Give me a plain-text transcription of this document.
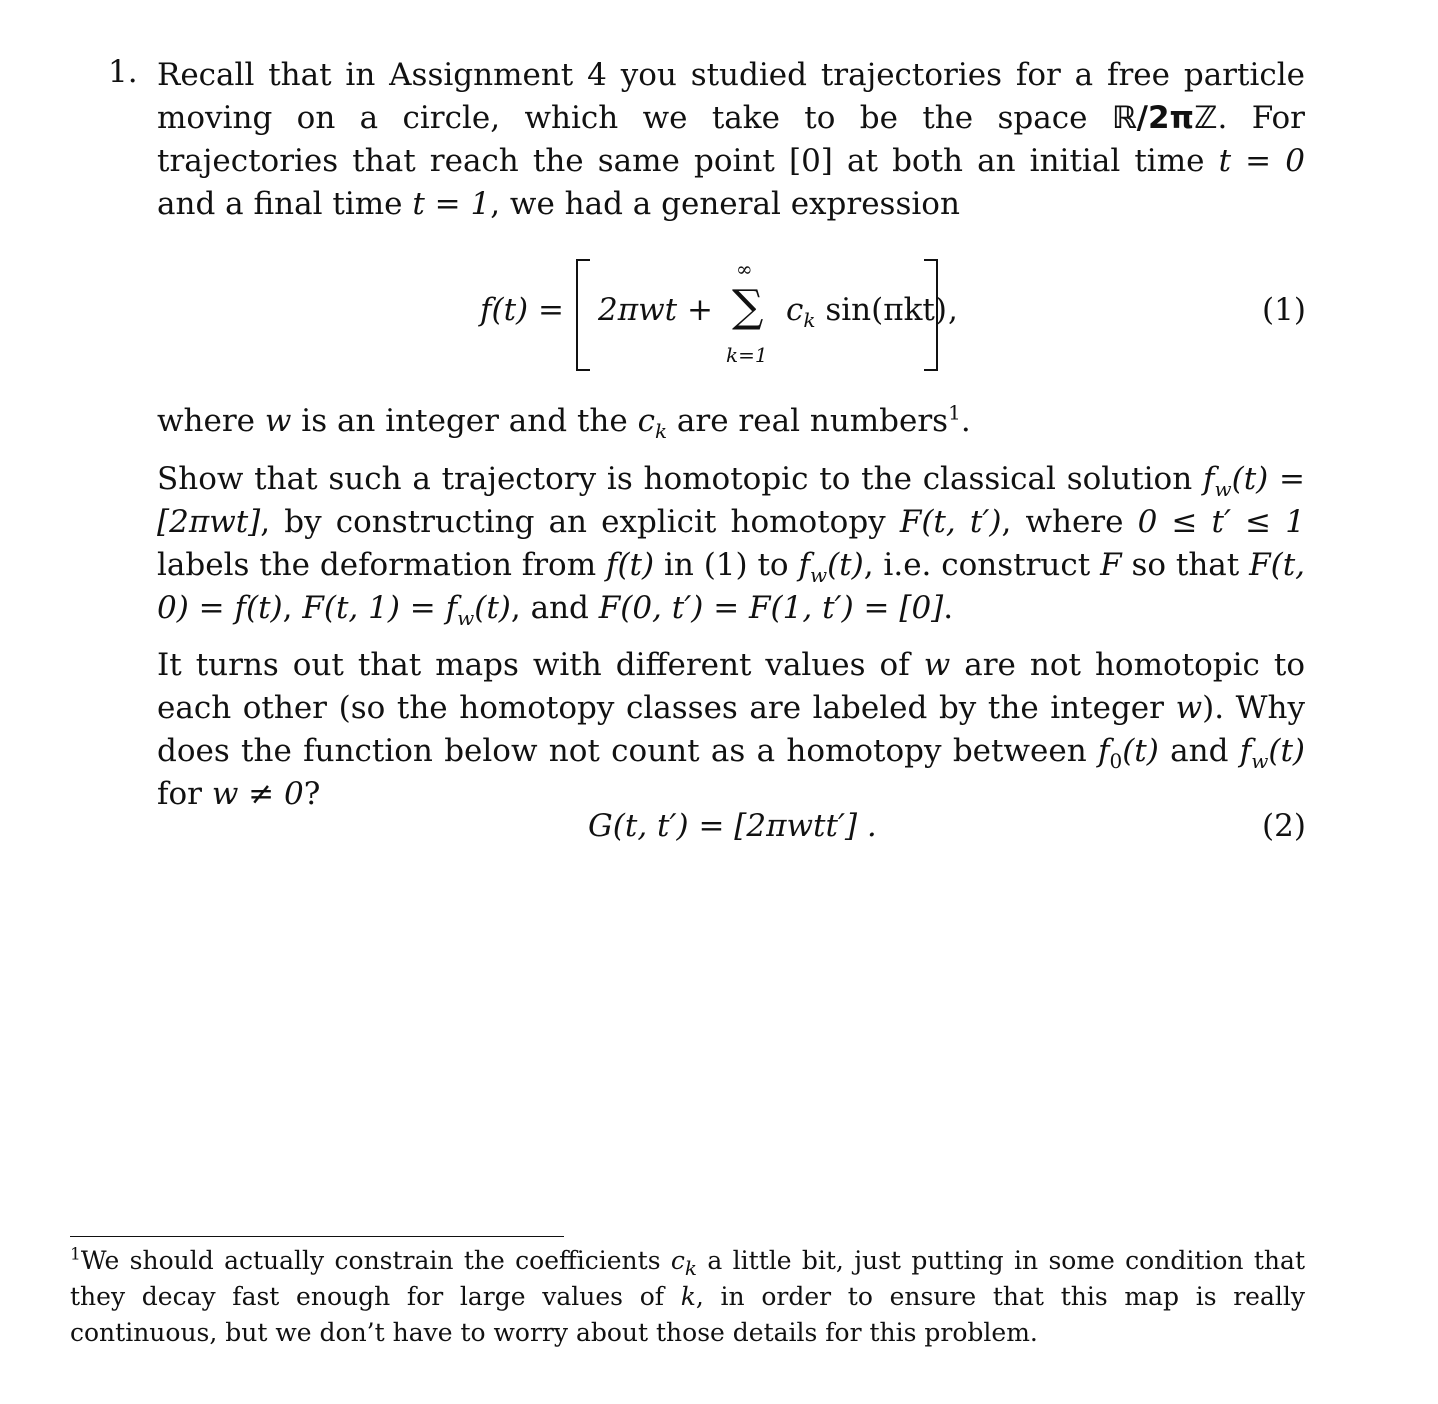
1. Recall that in Assignment 4 you studied trajectories for a free particle moving on a circle, which we take to be the space ℝ/2πℤ. For trajectories that reach the same point [0] at both an initial time t = 0 and a final time t = 1, we had a general expression
f(t) = 2πwt +
∞
∑
k=1
$c_k$ sin(πkt) ,	(1)
where w is an integer and the $c_k$ are real numbers$^1$.
Show that such a trajectory is homotopic to the classical solution $f_w(t) = [2\pi wt]$, by constructing an explicit homotopy F(t, t′), where 0 ≤ t′ ≤ 1 labels the deformation from f(t) in (1) to $f_w(t)$, i.e. construct F so that F(t, 0) = f(t), F(t, $1) = f_w(t)$, and F(0, t′) = F(1, t′) = [0].
It turns out that maps with different values of w are not homotopic to each other (so the homotopy classes are labeled by the integer w). Why does the function below not count as a homotopy between $f_0(t)$ and $f_w(t)$ for w ≠ 0?
G(t, t′) = [2πwtt′] .	(2)
$^1$We should actually constrain the coefficients $c_k$ a little bit, just putting in some condition that they decay fast enough for large values of k, in order to ensure that this map is really continuous, but we don’t have to worry about those details for this problem.
